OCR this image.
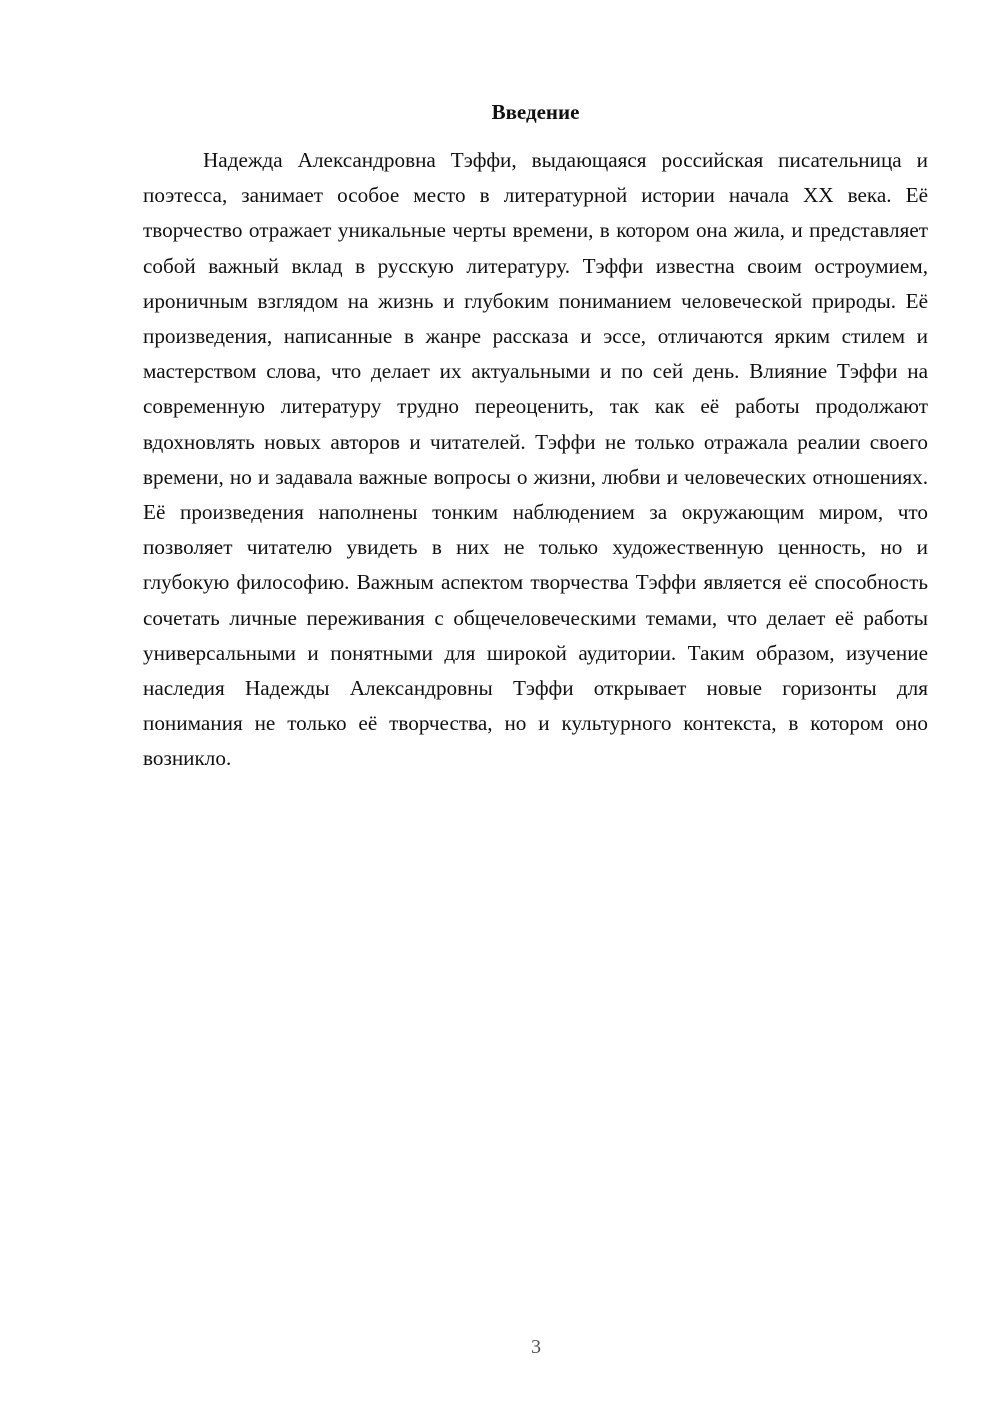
Введение

Надежда Александровна Тэффи, выдающаяся российская писательница и поэтесса, занимает особое место в литературной истории начала XX века. Её творчество отражает уникальные черты времени, в котором она жила, и представляет собой важный вклад в русскую литературу. Тэффи известна своим остроумием, ироничным взглядом на жизнь и глубоким пониманием человеческой природы. Её произведения, написанные в жанре рассказа и эссе, отличаются ярким стилем и мастерством слова, что делает их актуальными и по сей день. Влияние Тэффи на современную литературу трудно переоценить, так как её работы продолжают вдохновлять новых авторов и читателей. Тэффи не только отражала реалии своего времени, но и задавала важные вопросы о жизни, любви и человеческих отношениях. Её произведения наполнены тонким наблюдением за окружающим миром, что позволяет читателю увидеть в них не только художественную ценность, но и глубокую философию. Важным аспектом творчества Тэффи является её способность сочетать личные переживания с общечеловеческими темами, что делает её работы универсальными и понятными для широкой аудитории. Таким образом, изучение наследия Надежды Александровны Тэффи открывает новые горизонты для понимания не только её творчества, но и культурного контекста, в котором оно возникло.

3
